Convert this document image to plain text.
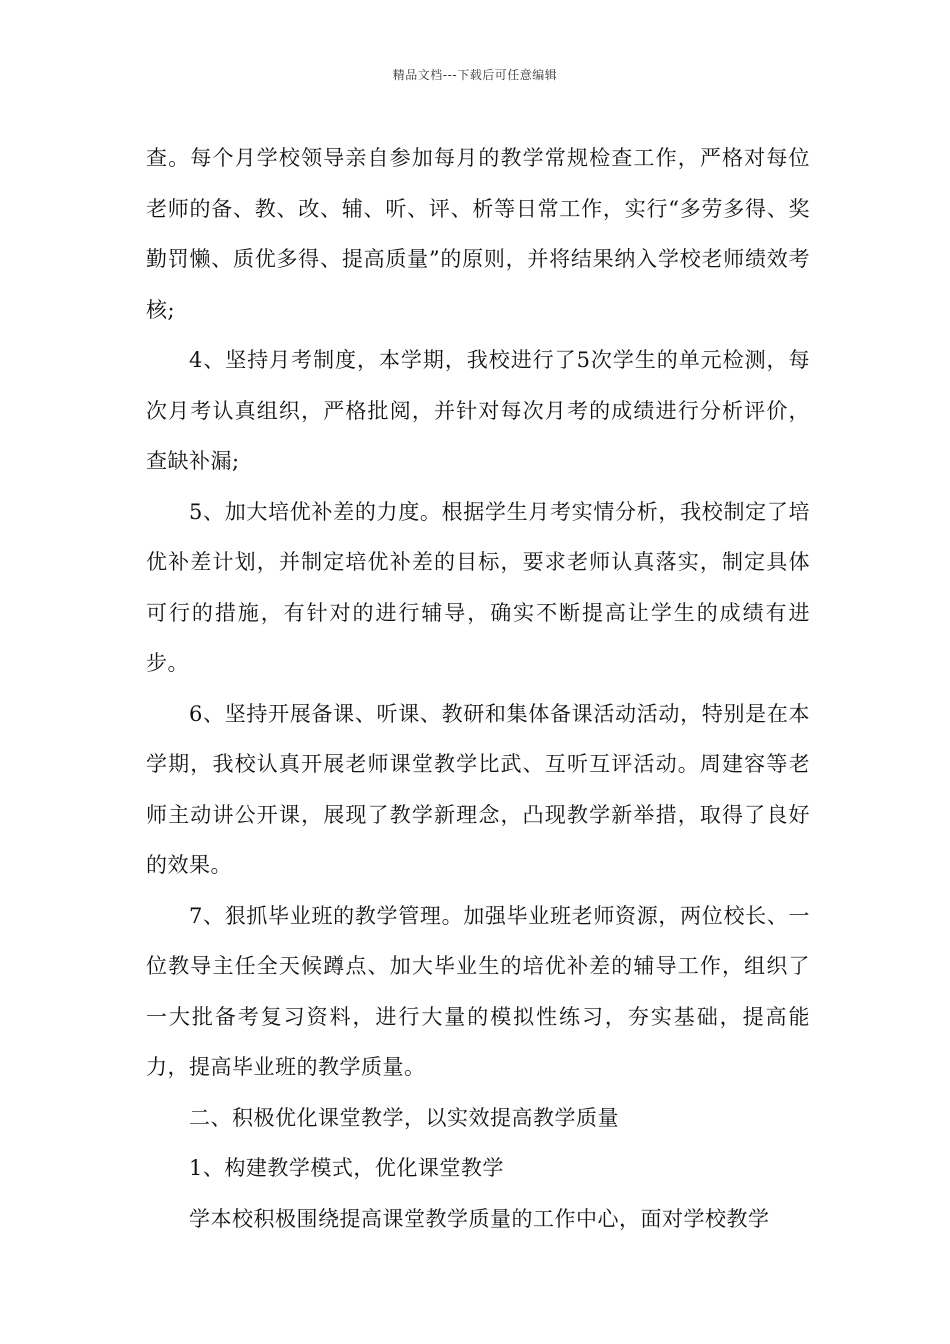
精品文档---下载后可任意编辑

查。每个月学校领导亲自参加每月的教学常规检查工作，严格对每位老师的备、教、改、辅、听、评、析等日常工作，实行“多劳多得、奖勤罚懒、质优多得、提高质量”的原则，并将结果纳入学校老师绩效考核;

4、坚持月考制度，本学期，我校进行了5次学生的单元检测，每次月考认真组织，严格批阅，并针对每次月考的成绩进行分析评价，查缺补漏;

5、加大培优补差的力度。根据学生月考实情分析，我校制定了培优补差计划，并制定培优补差的目标，要求老师认真落实，制定具体可行的措施，有针对的进行辅导，确实不断提高让学生的成绩有进步。

6、坚持开展备课、听课、教研和集体备课活动活动，特别是在本学期，我校认真开展老师课堂教学比武、互听互评活动。周建容等老师主动讲公开课，展现了教学新理念，凸现教学新举措，取得了良好的效果。

7、狠抓毕业班的教学管理。加强毕业班老师资源，两位校长、一位教导主任全天候蹲点、加大毕业生的培优补差的辅导工作，组织了一大批备考复习资料，进行大量的模拟性练习，夯实基础，提高能力，提高毕业班的教学质量。

二、积极优化课堂教学，以实效提高教学质量

1、构建教学模式，优化课堂教学

学本校积极围绕提高课堂教学质量的工作中心，面对学校教学
